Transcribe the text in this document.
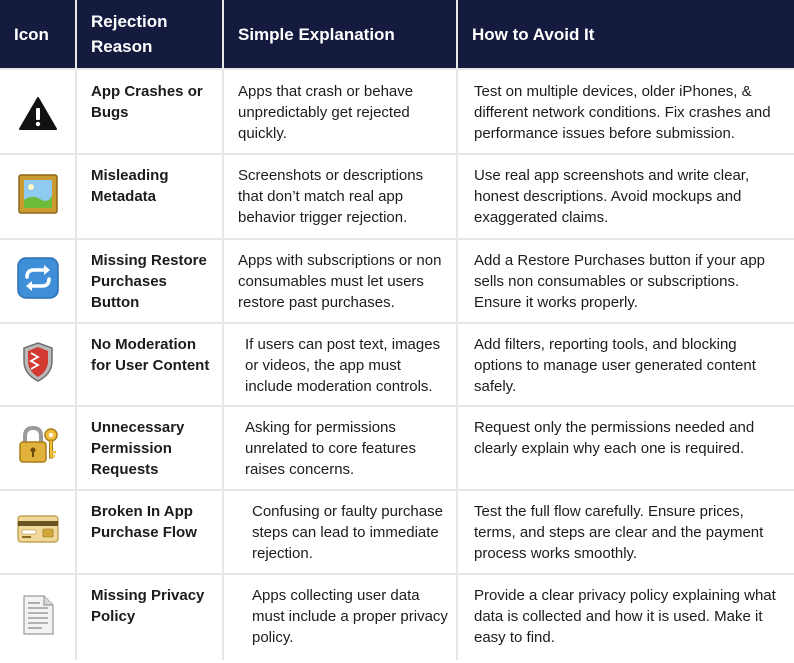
Icon	Rejection Reason	Simple Explanation	How to Avoid It
	App Crashes or Bugs	Apps that crash or behave unpredictably get rejected quickly.	Test on multiple devices, older iPhones, & different network conditions. Fix crashes and performance issues before submission.
	Misleading Metadata	Screenshots or descriptions that don’t match real app behavior trigger rejection.	Use real app screenshots and write clear, honest descriptions. Avoid mockups and exaggerated claims.
	Missing Restore Purchases Button	Apps with subscriptions or non consumables must let users restore past purchases.	Add a Restore Purchases button if your app sells non consumables or subscriptions. Ensure it works properly.
	No Moderation for User Content	If users can post text, images or videos, the app must include moderation controls.	Add filters, reporting tools, and blocking options to manage user generated content safely.
	Unnecessary Permission Requests	Asking for permissions unrelated to core features raises concerns.	Request only the permissions needed and clearly explain why each one is required.
	Broken In App Purchase Flow	Confusing or faulty purchase steps can lead to immediate rejection.	Test the full flow carefully. Ensure prices, terms, and steps are clear and the payment process works smoothly.
	Missing Privacy Policy	Apps collecting user data must include a proper privacy policy.	Provide a clear privacy policy explaining what data is collected and how it is used. Make it easy to find.
